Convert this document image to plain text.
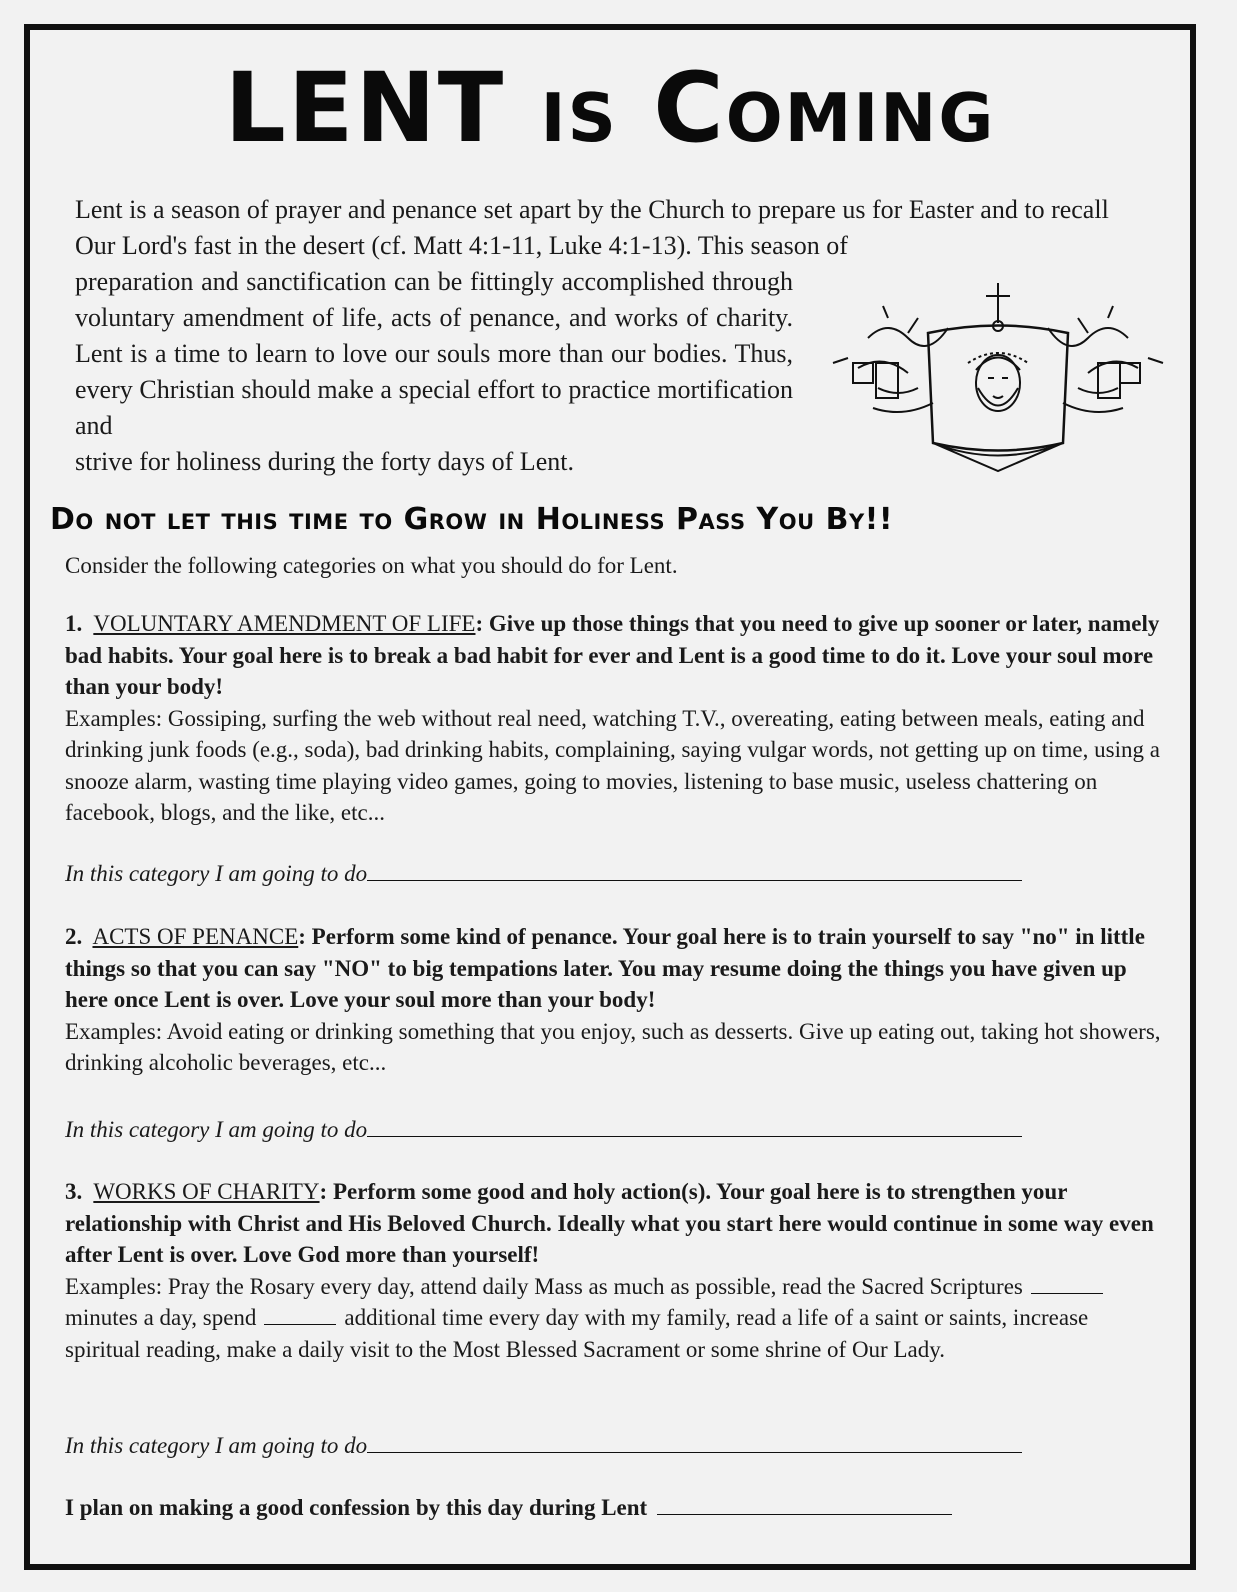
LENT is Coming
Lent is a season of prayer and penance set apart by the Church to prepare us for Easter and to recall Our Lord's fast in the desert (cf. Matt 4:1-11, Luke 4:1-13). This season of
preparation and sanctification can be fittingly accomplished through voluntary amendment of life, acts of penance, and works of charity. Lent is a time to learn to love our souls more than our bodies. Thus, every Christian should make a special effort to practice mortification and
strive for holiness during the forty days of Lent.
Do not let this time to Grow in Holiness Pass You By!!
Consider the following categories on what you should do for Lent.
1. VOLUNTARY AMENDMENT OF LIFE: Give up those things that you need to give up sooner or later, namely bad habits. Your goal here is to break a bad habit for ever and Lent is a good time to do it. Love your soul more than your body!
Examples: Gossiping, surfing the web without real need, watching T.V., overeating, eating between meals, eating and drinking junk foods (e.g., soda), bad drinking habits, complaining, saying vulgar words, not getting up on time, using a snooze alarm, wasting time playing video games, going to movies, listening to base music, useless chattering on facebook, blogs, and the like, etc...
In this category I am going to do
2. ACTS OF PENANCE: Perform some kind of penance. Your goal here is to train yourself to say "no" in little things so that you can say "NO" to big tempations later. You may resume doing the things you have given up here once Lent is over. Love your soul more than your body!
Examples: Avoid eating or drinking something that you enjoy, such as desserts. Give up eating out, taking hot showers, drinking alcoholic beverages, etc...
In this category I am going to do
3. WORKS OF CHARITY: Perform some good and holy action(s). Your goal here is to strengthen your relationship with Christ and His Beloved Church. Ideally what you start here would continue in some way even after Lent is over. Love God more than yourself!
Examples: Pray the Rosary every day, attend daily Mass as much as possible, read the Sacred Scripturesminutes a day, spend	additional time every day with my family, read a life of a saint or saints, increase spiritual reading, make a daily visit to the Most Blessed Sacrament or some shrine of Our Lady.
In this category I am going to do
I plan on making a good confession by this day during Lent
